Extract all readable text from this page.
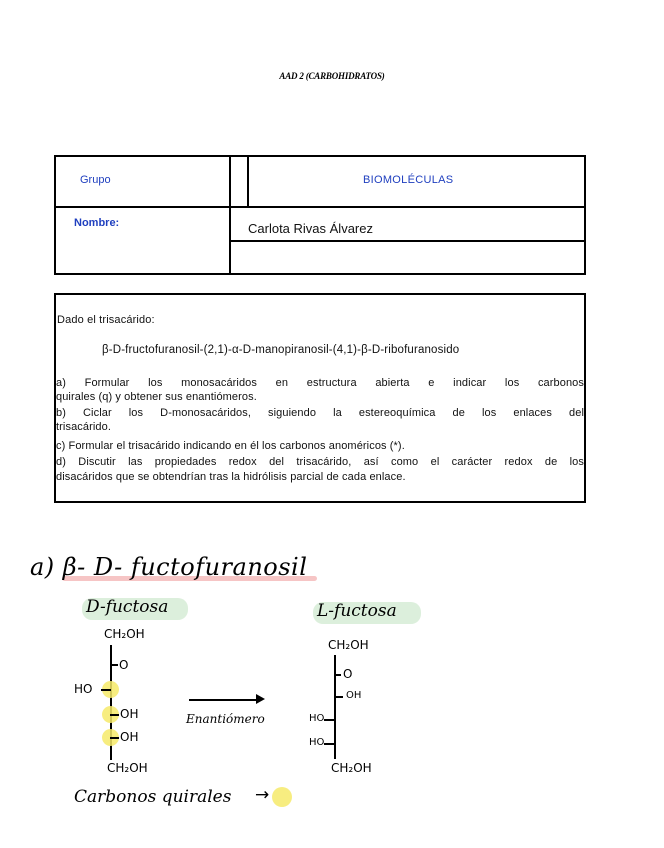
AAD 2 (CARBOHIDRATOS)
Grupo	BIOMOLÉCULAS
Nombre:	Carlota Rivas Álvarez
Dado el trisacárido:
β-D-fructofuranosil-(2,1)-α-D-manopiranosil-(4,1)-β-D-ribofuranosido
a) Formular los monosacáridos en estructura abierta e indicar los carbonos
quirales (q) y obtener sus enantiómeros.
b) Ciclar los D-monosacáridos, siguiendo la estereoquímica de los enlaces del
trisacárido.
c) Formular el trisacárido indicando en él los carbonos anoméricos (*).
d) Discutir las propiedades redox del trisacárido, así como el carácter redox de los
disacáridos que se obtendrían tras la hidrólisis parcial de cada enlace.
a) β- D- fuctofuranosil
D-fuctosa
CH₂OH
O
HO
OH
OH
CH₂OH
Enantiómero
L-fuctosa
CH₂OH
O
OH
HO
HO
CH₂OH
Carbonos quirales →
